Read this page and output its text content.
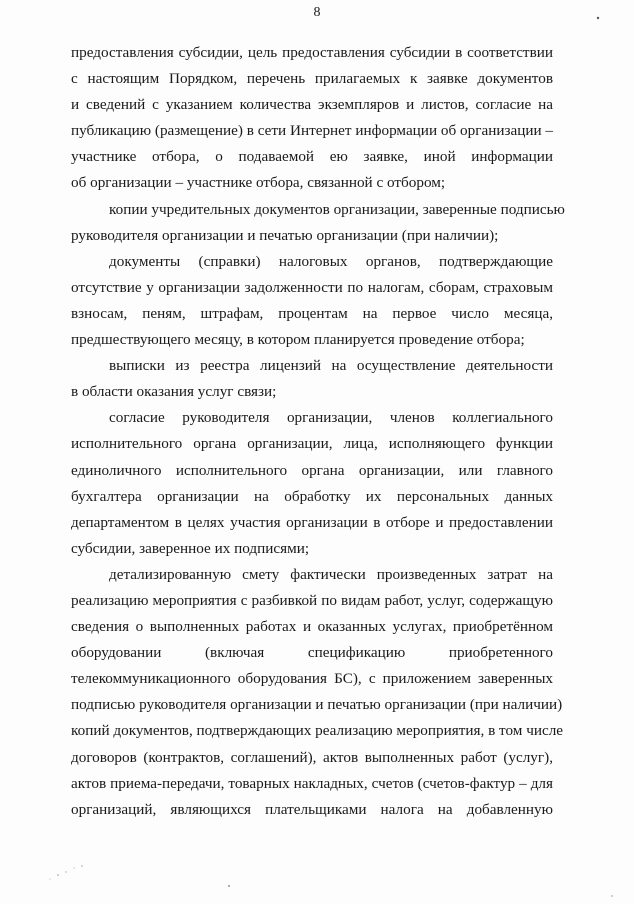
8
предоставления субсидии, цель предоставления субсидии в соответствии
с настоящим Порядком, перечень прилагаемых к заявке документов
и сведений с указанием количества экземпляров и листов, согласие на
публикацию (размещение) в сети Интернет информации об организации –
участнике отбора, о подаваемой ею заявке, иной информации
об организации – участнике отбора, связанной с отбором;
копии учредительных документов организации, заверенные подписью
руководителя организации и печатью организации (при наличии);
документы (справки) налоговых органов, подтверждающие
отсутствие у организации задолженности по налогам, сборам, страховым
взносам, пеням, штрафам, процентам на первое число месяца,
предшествующего месяцу, в котором планируется проведение отбора;
выписки из реестра лицензий на осуществление деятельности
в области оказания услуг связи;
согласие руководителя организации, членов коллегиального
исполнительного органа организации, лица, исполняющего функции
единоличного исполнительного органа организации, или главного
бухгалтера организации на обработку их персональных данных
департаментом в целях участия организации в отборе и предоставлении
субсидии, заверенное их подписями;
детализированную смету фактически произведенных затрат на
реализацию мероприятия с разбивкой по видам работ, услуг, содержащую
сведения о выполненных работах и оказанных услугах, приобретённом
оборудовании (включая спецификацию приобретенного
телекоммуникационного оборудования БС), с приложением заверенных
подписью руководителя организации и печатью организации (при наличии)
копий документов, подтверждающих реализацию мероприятия, в том числе
договоров (контрактов, соглашений), актов выполненных работ (услуг),
актов приема-передачи, товарных накладных, счетов (счетов-фактур – для
организаций, являющихся плательщиками налога на добавленную
